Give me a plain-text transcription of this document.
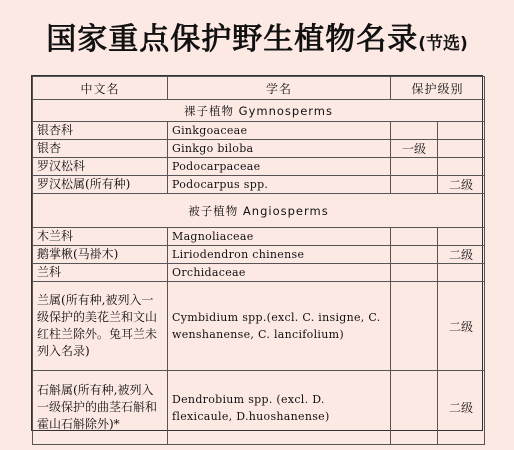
国家重点保护野生植物名录(节选)
中文名	学名	保护级别	
裸子植物 Gymnosperms			
银杏科	Ginkgoaceae		
银杏	Ginkgo biloba	一级	
罗汉松科	Podocarpaceae		
罗汉松属(所有种)	Podocarpus spp.		二级
被子植物 Angiosperms			
木兰科	Magnoliaceae		
鹅掌楸(马褂木)	Liriodendron chinense		二级
兰科	Orchidaceae		
兰属(所有种,被列入一级保护的美花兰和文山红柱兰除外。兔耳兰未列入名录)	Cymbidium spp.(excl. C. insigne, C. wenshanense, C. lancifolium)		二级
石斛属(所有种,被列入一级保护的曲茎石斛和霍山石斛除外)*	Dendrobium spp. (excl. D. flexicaule, D.huoshanense)		二级
